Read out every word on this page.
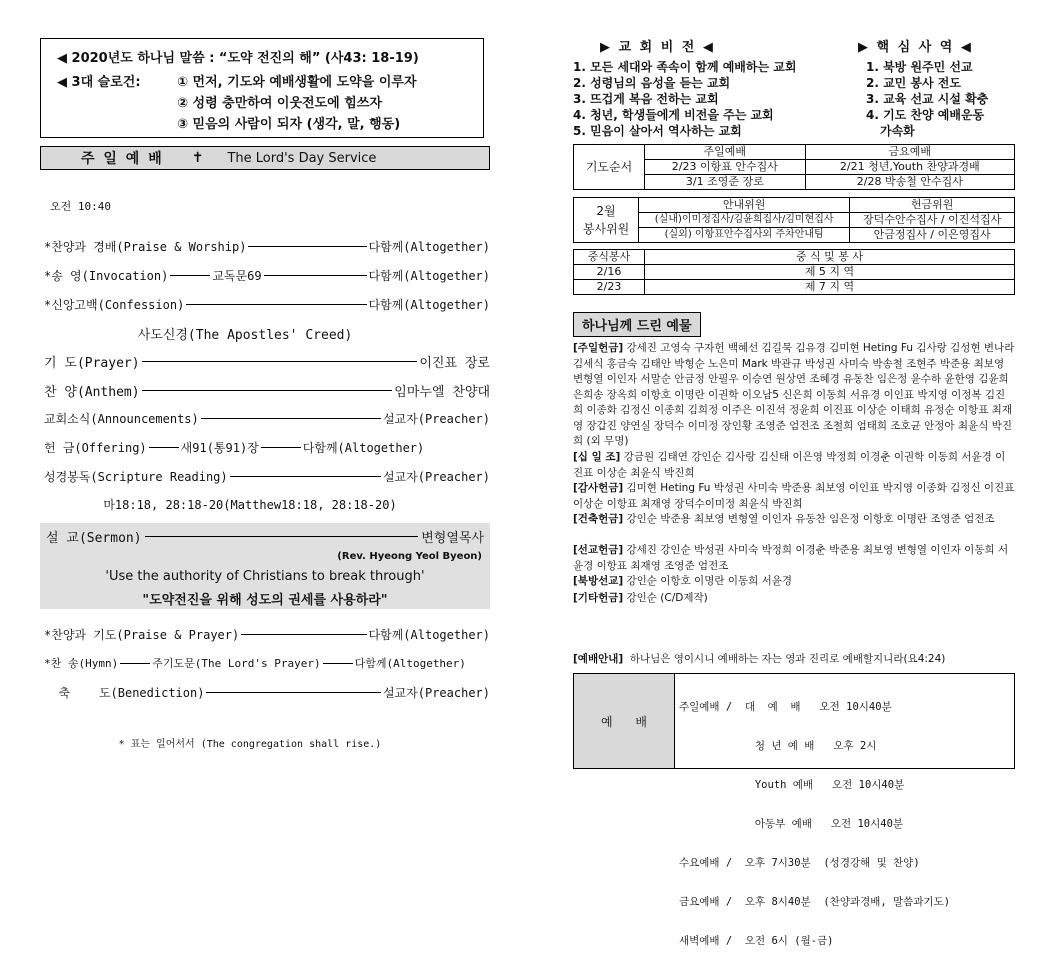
◀ 2020년도 하나님 말씀 : “도약 전진의 해” (사43: 18-19)
◀ 3대 슬로건:	① 먼저, 기도와 예배생활에 도약을 이루자
② 성령 충만하여 이웃전도에 힘쓰자
③ 믿음의 사람이 되자 (생각, 말, 행동)
주 일 예 배 ✝ The Lord's Day Service
오전 10:40
*찬양과 경배(Praise & Worship)	다함께(Altogether)
*송 영(Invocation)	교독문69	다함께(Altogether)
*신앙고백(Confession)	다함께(Altogether)
사도신경(The Apostles' Creed)
기 도(Prayer)	이진표 장로
찬 양(Anthem)	임마누엘 찬양대
교회소식(Announcements)	설교자(Preacher)
헌 금(Offering)	새91(통91)장	다함께(Altogether)
성경봉독(Scripture Reading)	설교자(Preacher)
마18:18, 28:18-20(Matthew18:18, 28:18-20)
설 교(Sermon)	변형열목사
(Rev. Hyeong Yeol Byeon)
'Use the authority of Christians to break through'
"도약전진을 위해 성도의 권세를 사용하라"
*찬양과 기도(Praise & Prayer)	다함께(Altogether)
*찬 송(Hymn)	주기도문(The Lord's Prayer)	다함께(Altogether)
축    도(Benediction)	설교자(Preacher)
* 표는 일어서서 (The congregation shall rise.)
▶ 교 회 비 전 ◀
1. 모든 세대와 족속이 함께 예배하는 교회
2. 성령님의 음성을 듣는 교회
3. 뜨겁게 복음 전하는 교회
4. 청년, 학생들에게 비전을 주는 교회
5. 믿음이 살아서 역사하는 교회
▶ 핵 심 사 역 ◀
1. 북방 원주민 선교
2. 교민 봉사 전도
3. 교육 선교 시설 확충
4. 기도 찬양 예배운동
가속화
기도순서	주일예배	금요예배
	2/23 이항표 안수집사	2/21 청년,Youth 찬양과경배
	3/1 조영준 장로	2/28 박송철 안수집사
2월
봉사위원	안내위원	헌금위원
	(실내)이미정집사/김윤희집사/김미현집사	장덕수안수집사 / 이진석집사
	(실외) 이항표안수집사외 주차안내팀	안금정집사 / 이은영집사
중식봉사	중 식 및 봉 사
2/16	제 5 지 역
2/23	제 7 지 역
하나님께 드린 예물
[주일헌금] 강세진 고영숙 구자헌 백혜선 김길묵 김유경 김미현 Heting Fu 김사랑 김성현 변나라 김세식 홍금숙 김태안 박형순 노은미 Mark 박관규 박성권 사미숙 박송철 조현주 박준용 최보영 변형열 이인자 서말순 안금정 안필우 이승연 원상연 조혜경 유동찬 임은정 윤수하 윤한영 김윤희 은희송 장옥희 이항호 이명란 이권학 이오남5 신은희 이동희 서유경 이인표 박지영 이정복 김진희 이종화 김정신 이종희 김희정 이주은 이진석 정윤희 이진표 이상순 이태희 유정순 이항표 최재영 장갑진 양연실 장덕수 이미정 장인황 조영준 엄전조 조철희 엄태희 조호균 안정아 최윤식 박진희 (외 무명)
[십 일 조] 강금원 김태연 강인순 김사랑 김신태 이은영 박정희 이경춘 이권학 이동희 서윤경 이진표 이상순 최윤식 박진희
[감사헌금] 김미현 Heting Fu 박성권 사미숙 박준용 최보영 이인표 박지영 이종화 김정신 이진표 이상순 이항표 최재영 장덕수이미정 최윤식 박진희
[건축헌금] 강인순 박준용 최보영 변형열 이인자 유동찬 임은정 이항호 이명란 조영준 엄전조
[선교헌금] 강세진 강인순 박성권 사미숙 박정희 이경춘 박준용 최보영 변형열 이인자 이동희 서윤경 이항표 최재영 조영준 엄전조
[북방선교] 강인순 이항호 이명란 이동희 서윤경
[기타헌금] 강인순 (C/D제작)
[예배안내] 하나님은 영이시니 예배하는 자는 영과 진리로 예배할지니라(요4:24)
예      배

주일예배 /  대  예  배   오전 10시40분

청 년 예 배   오후 2시

Youth 예배   오전 10시40분

아동부 예배   오전 10시40분

수요예배 /  오후 7시30분  (성경강해 및 찬양)

금요예배 /  오후 8시40분  (찬양과경배, 말씀과기도)

새벽예배 /  오전 6시 (월-금)
